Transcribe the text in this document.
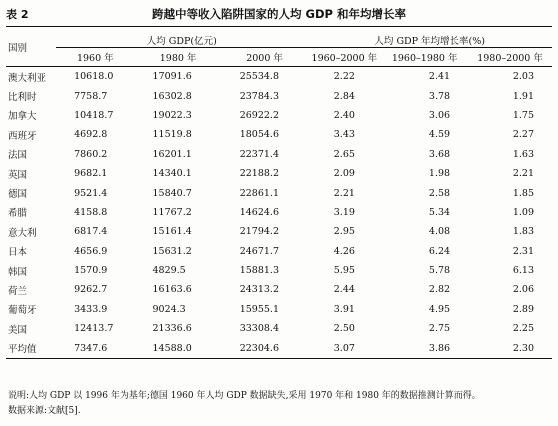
表 2	跨越中等收入陷阱国家的人均 GDP 和年均增长率
国别	人均 GDP(亿元)			人均 GDP 年均增长率(%)		
	1960 年	1980 年	2000 年	1960–2000 年	1960–1980 年	1980–2000 年
澳大利亚	10618.0	17091.6	25534.8	2.22	2.41	2.03
比利时	7758.7	16302.8	23784.3	2.84	3.78	1.91
加拿大	10418.7	19022.3	26922.2	2.40	3.06	1.75
西班牙	4692.8	11519.8	18054.6	3.43	4.59	2.27
法国	7860.2	16201.1	22371.4	2.65	3.68	1.63
英国	9682.1	14340.1	22188.2	2.09	1.98	2.21
德国	9521.4	15840.7	22861.1	2.21	2.58	1.85
希腊	4158.8	11767.2	14624.6	3.19	5.34	1.09
意大利	6817.4	15161.4	21794.2	2.95	4.08	1.83
日本	4656.9	15631.2	24671.7	4.26	6.24	2.31
韩国	1570.9	4829.5	15881.3	5.95	5.78	6.13
荷兰	9262.7	16163.6	24313.2	2.44	2.82	2.06
葡萄牙	3433.9	9024.3	15955.1	3.91	4.95	2.89
美国	12413.7	21336.6	33308.4	2.50	2.75	2.25
平均值	7347.6	14588.0	22304.6	3.07	3.86	2.30
说明:人均 GDP 以 1996 年为基年;德国 1960 年人均 GDP 数据缺失,采用 1970 年和 1980 年的数据推测计算而得。
数据来源:文献[5].
